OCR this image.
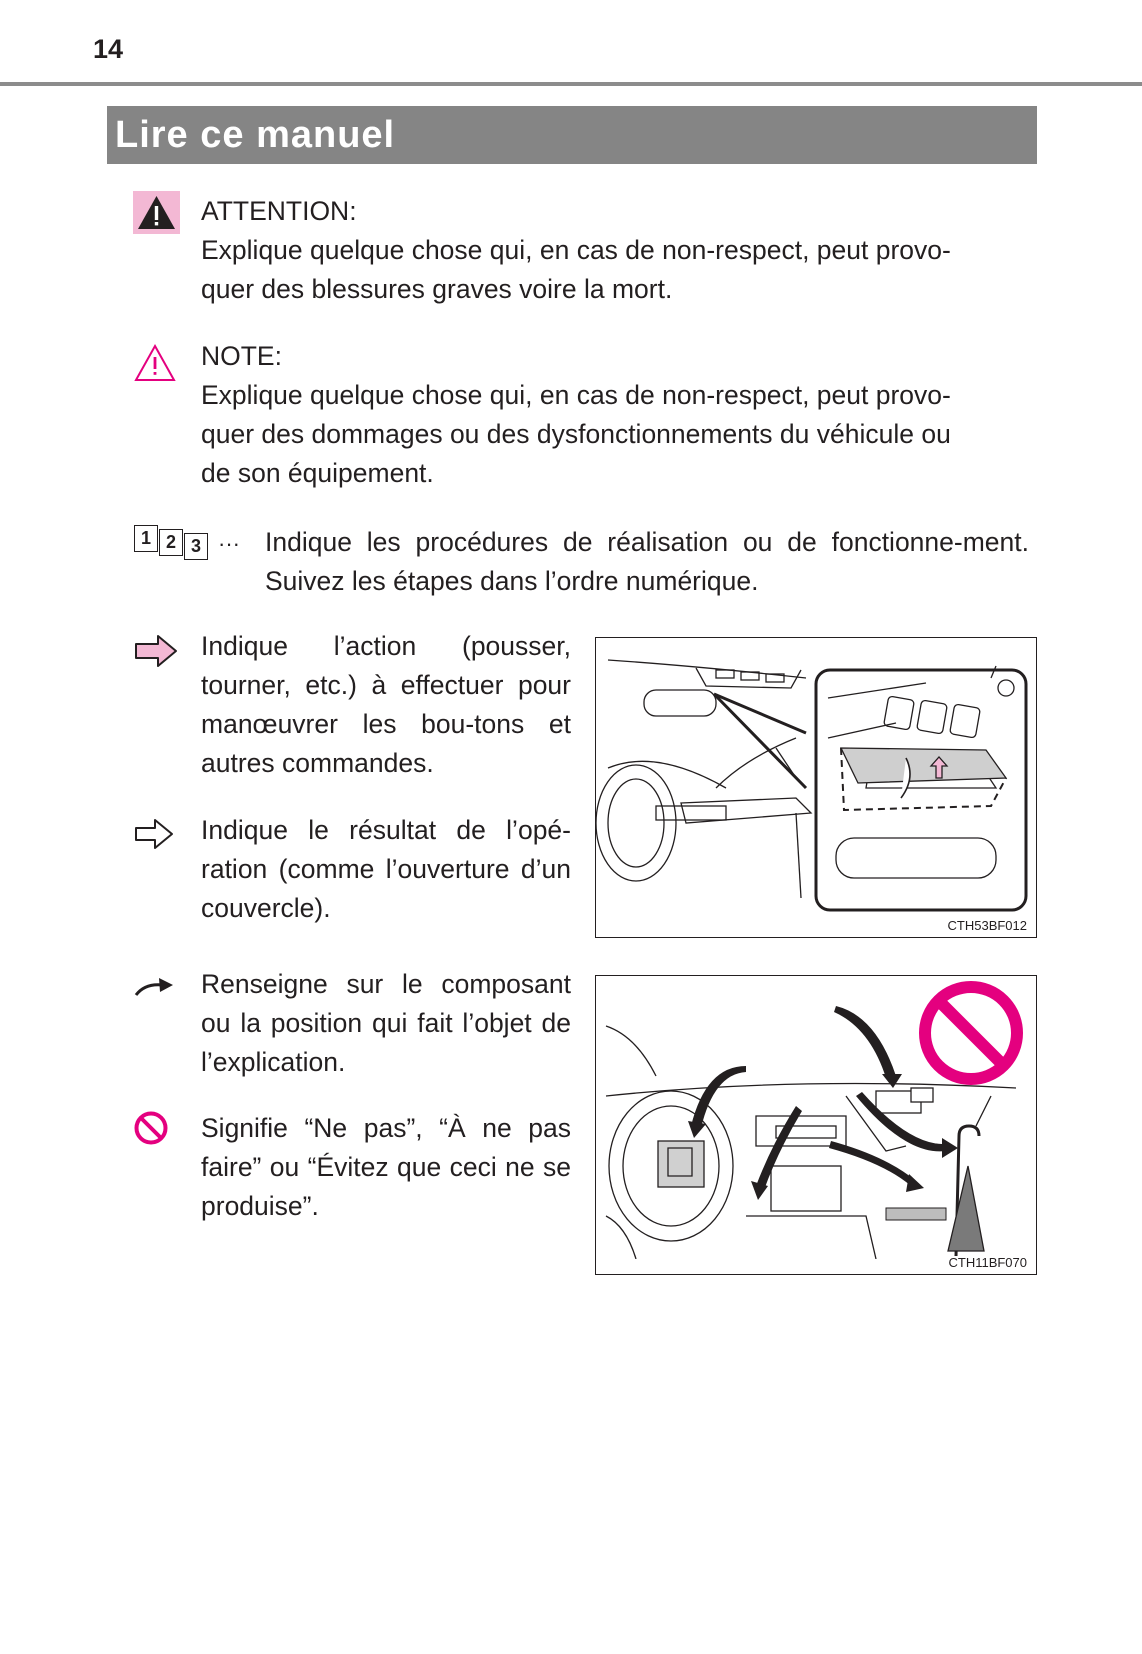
14
Lire ce manuel
ATTENTION:
Explique quelque chose qui, en cas de non-respect, peut provo-
quer des blessures graves voire la mort.
NOTE:
Explique quelque chose qui, en cas de non-respect, peut provo-
quer des dommages ou des dysfonctionnements du véhicule ou
de son équipement.
1 2 3 ··· Indique les procédures de réalisation ou de fonctionne-ment. Suivez les étapes dans l’ordre numérique.
Indique l’action (pousser, tourner, etc.) à effectuer pour manœuvrer les bou-tons et autres commandes.
Indique le résultat de l’opé-ration (comme l’ouverture d’un couvercle).
CTH53BF012
Renseigne sur le composant ou la position qui fait l’objet de l’explication.
Signifie “Ne pas”, “À ne pas faire” ou “Évitez que ceci ne se produise”.
CTH11BF070
